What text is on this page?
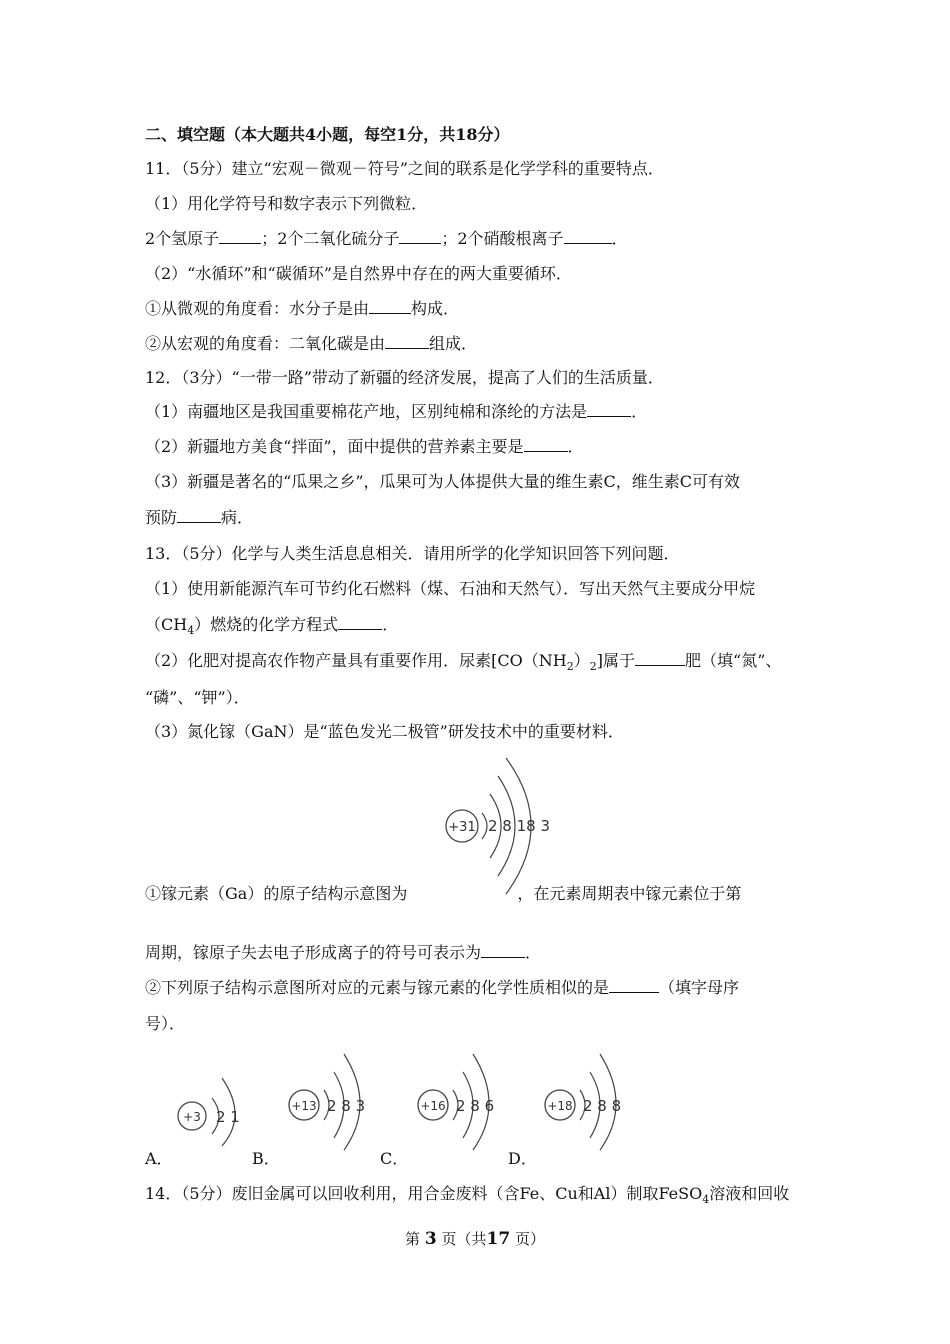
二、填空题（本大题共4小题，每空1分，共18分）
11．（5分）建立“宏观－微观－符号”之间的联系是化学学科的重要特点．
（1）用化学符号和数字表示下列微粒．
2个氢原子	；2个二氧化硫分子	；2个硝酸根离子	．
（2）“水循环”和“碳循环”是自然界中存在的两大重要循环．
①从微观的角度看：水分子是由	构成．
②从宏观的角度看：二氧化碳是由	组成．
12．（3分）“一带一路”带动了新疆的经济发展，提高了人们的生活质量．
（1）南疆地区是我国重要棉花产地，区别纯棉和涤纶的方法是	．
（2）新疆地方美食“拌面”，面中提供的营养素主要是	．
（3）新疆是著名的“瓜果之乡”，瓜果可为人体提供大量的维生素C，维生素C可有效
预防	病．
13．（5分）化学与人类生活息息相关．请用所学的化学知识回答下列问题．
（1）使用新能源汽车可节约化石燃料（煤、石油和天然气）．写出天然气主要成分甲烷
$(CH_4)$燃烧的化学方程式	．
（2）化肥对提高农作物产量具有重要作用．尿素$[CO(NH_2)_2]$属于	肥（填“氮”、
“磷”、“钾”）．
（3）氮化镓（GaN）是“蓝色发光二极管”研发技术中的重要材料．
+31 2 8 18 3
①镓元素（Ga）的原子结构示意图为	，在元素周期表中镓元素位于第
周期，镓原子失去电子形成离子的符号可表示为	．
②下列原子结构示意图所对应的元素与镓元素的化学性质相似的是	（填字母序
号）．
+3 2 1
+13 2 8 3	+16 2 8 6	+18 2 8 8
A．	B．	C．	D．
14．（5分）废旧金属可以回收利用，用合金废料（含Fe、Cu和Al）制取FeSO$_4$溶液和回收
第 3 页（共17 页）
